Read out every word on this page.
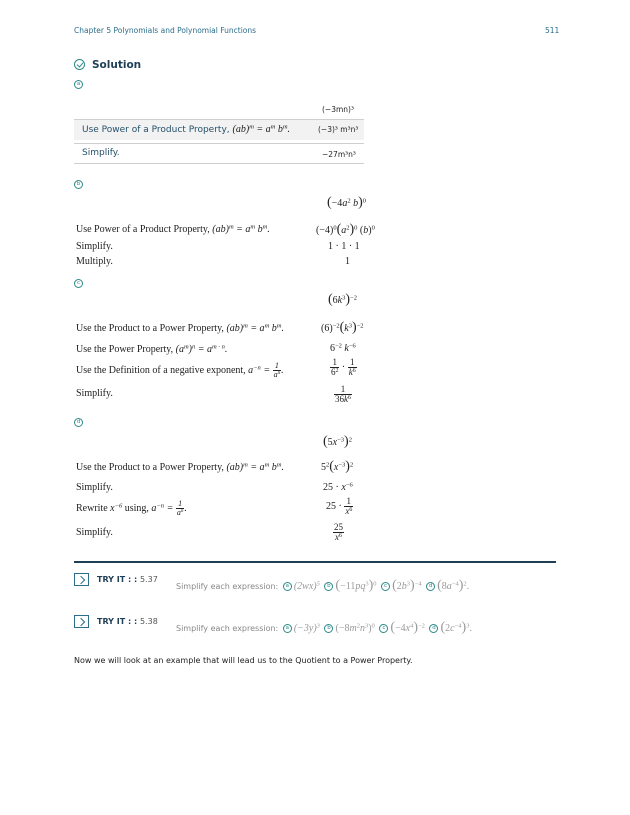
Chapter 5 Polynomials and Polynomial Functions	511
Solution
a
(−3mn)³
Use Power of a Product Property, $(ab)^m = a^m$ $b^m$.	(−3)³ m³n³
Simplify.	−27m³n³
b
($-4a^2$ b)$^0$
Use Power of a Product Property, $(ab)^m = a^m$ $b^m$.	$(-4)^0(a^2)^0$ $(b)^0$
Simplify.	1 · 1 · 1
Multiply.	1
c
$(6k^3)^{-2}$
Use the Product to a Power Property, $(ab)^m = a^m$ $b^m$.	$(6)^{-2}(k^3)^{-2}$
Use the Power Property, $(a^m)^n = a^{m \cdot n}$.	$6^{-2}$ $k^{-6}$
Use the Definition of a negative exponent, $a^{-n} = \frac{1}{a^n}$ .	$\frac{1}{6^2} \cdot \frac{1}{k^6}$
Simplify.	$\frac{1}{36k^6}$
d
$(5x^{-3})^2$
Use the Product to a Power Property, $(ab)^m = a^m$ $b^m$.	$5^2(x^{-3})^2$
Simplify.	$25 \cdot x^{-6}$
Rewrite $x^{-6}$ using, $a^{-n} = \frac{1}{a^n}$ .	$25 \cdot \frac{1}{x^6}$
Simplify.	$\frac{25}{x^6}$
TRY IT : : 5.37
Simplify each expression: a $(2wx)^5$ b $(-11pq^3)^0$ c $(2b^3)^{-4}$ d $(8a^{-4})^2$.
TRY IT : : 5.38
Simplify each expression: a $(-3y)^3$ b $(-8m^2n^3)^0$ c $(-4x^4)^{-2}$ d $(2c^{-4})^3$.
Now we will look at an example that will lead us to the Quotient to a Power Property.
